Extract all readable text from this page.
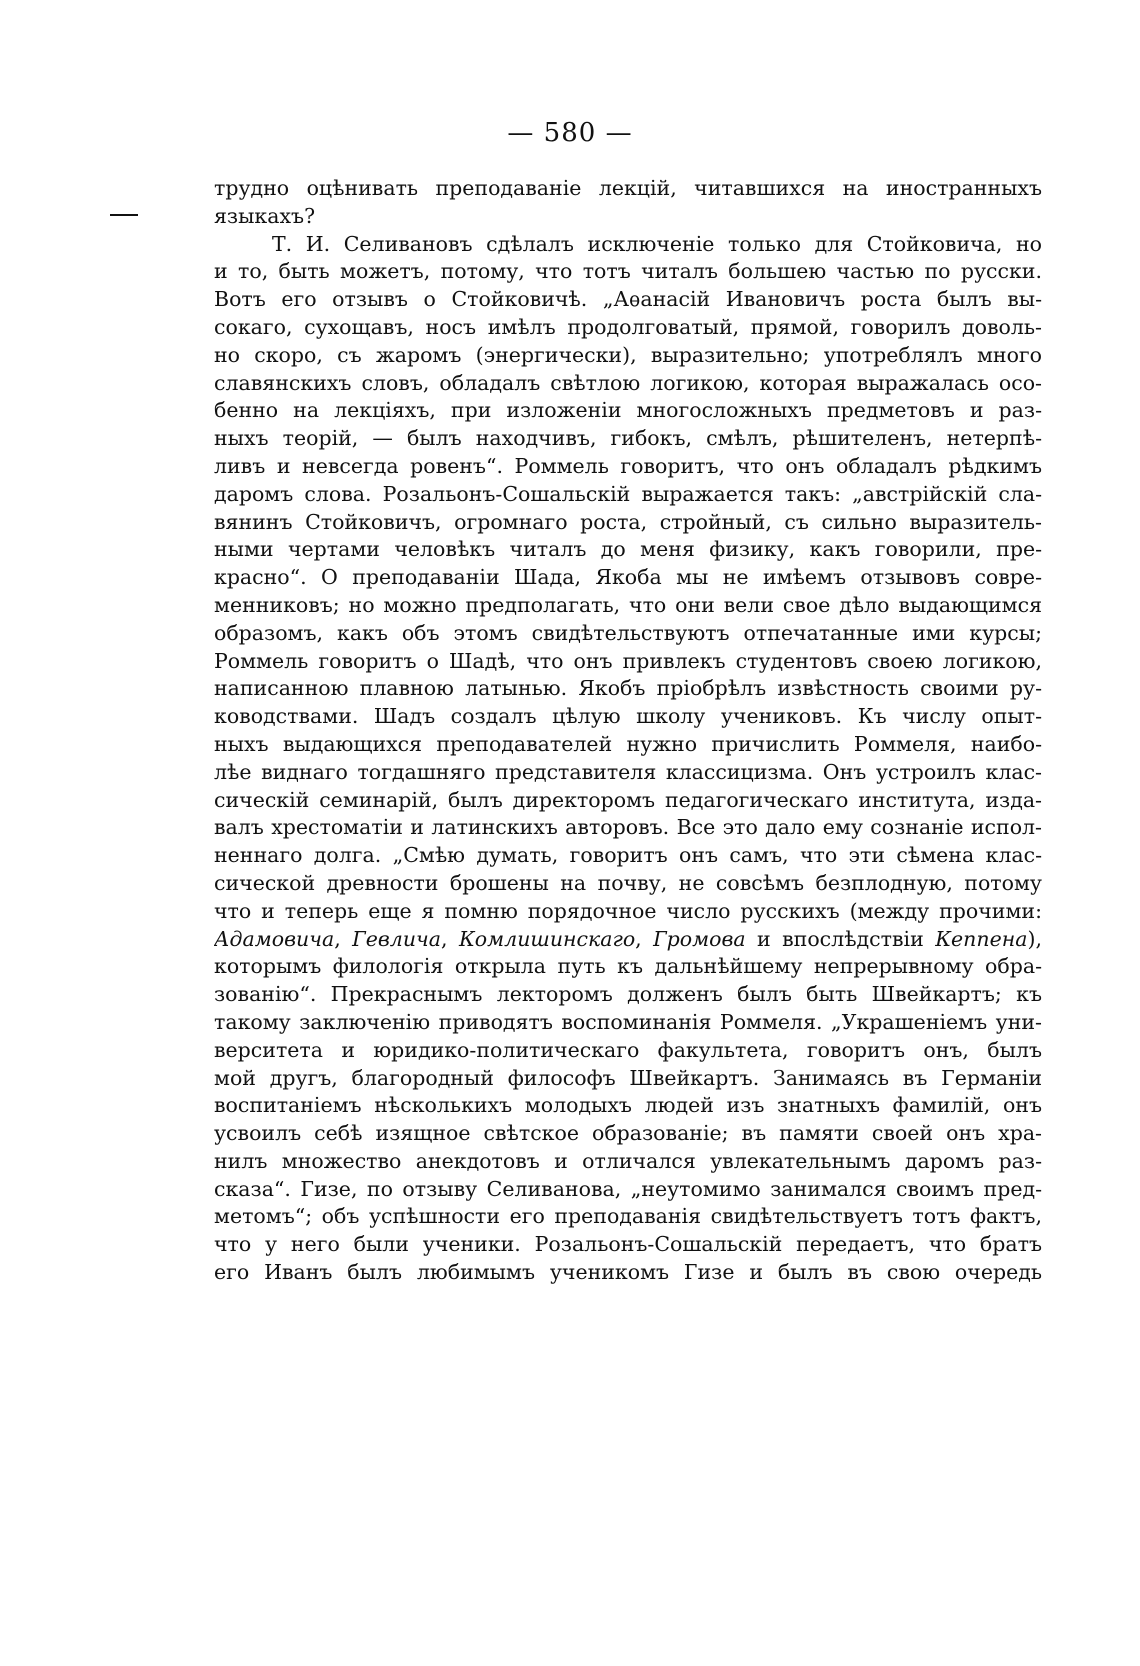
— 580 —
трудно оцѣнивать преподаваніе лекцій, читавшихся на иностранныхъ
языкахъ?
Т. И. Селивановъ сдѣлалъ исключеніе только для Стойковича, но
и то, быть можетъ, потому, что тотъ читалъ большею частью по русски.
Вотъ его отзывъ о Стойковичѣ. „Аѳанасій Ивановичъ роста былъ вы-
сокаго, сухощавъ, носъ имѣлъ продолговатый, прямой, говорилъ доволь-
но скоро, съ жаромъ (энергически), выразительно; употреблялъ много
славянскихъ словъ, обладалъ свѣтлою логикою, которая выражалась осо-
бенно на лекціяхъ, при изложеніи многосложныхъ предметовъ и раз-
ныхъ теорій, — былъ находчивъ, гибокъ, смѣлъ, рѣшителенъ, нетерпѣ-
ливъ и невсегда ровенъ“. Роммель говоритъ, что онъ обладалъ рѣдкимъ
даромъ слова. Розальонъ-Сошальскій выражается такъ: „австрійскій сла-
вянинъ Стойковичъ, огромнаго роста, стройный, съ сильно выразитель-
ными чертами человѣкъ читалъ до меня физику, какъ говорили, пре-
красно“. О преподаваніи Шада, Якоба мы не имѣемъ отзывовъ совре-
менниковъ; но можно предполагать, что они вели свое дѣло выдающимся
образомъ, какъ объ этомъ свидѣтельствуютъ отпечатанные ими курсы;
Роммель говоритъ о Шадѣ, что онъ привлекъ студентовъ своею логикою,
написанною плавною латынью. Якобъ пріобрѣлъ извѣстность своими ру-
ководствами. Шадъ создалъ цѣлую школу учениковъ. Къ числу опыт-
ныхъ выдающихся преподавателей нужно причислить Роммеля, наибо-
лѣе виднаго тогдашняго представителя классицизма. Онъ устроилъ клас-
сическій семинарій, былъ директоромъ педагогическаго института, изда-
валъ хрестоматіи и латинскихъ авторовъ. Все это дало ему сознаніе испол-
неннаго долга. „Смѣю думать, говоритъ онъ самъ, что эти сѣмена клас-
сической древности брошены на почву, не совсѣмъ безплодную, потому
что и теперь еще я помню порядочное число русскихъ (между прочими:
Адамовича, Гевлича, Комлишинскаго, Громова и впослѣдствіи Кеппена),
которымъ филологія открыла путь къ дальнѣйшему непрерывному обра-
зованію“. Прекраснымъ лекторомъ долженъ былъ быть Швейкартъ; къ
такому заключенію приводятъ воспоминанія Роммеля. „Украшеніемъ уни-
верситета и юридико-политическаго факультета, говоритъ онъ, былъ
мой другъ, благородный философъ Швейкартъ. Занимаясь въ Германіи
воспитаніемъ нѣсколькихъ молодыхъ людей изъ знатныхъ фамилій, онъ
усвоилъ себѣ изящное свѣтское образованіе; въ памяти своей онъ хра-
нилъ множество анекдотовъ и отличался увлекательнымъ даромъ раз-
сказа“. Гизе, по отзыву Селиванова, „неутомимо занимался своимъ пред-
метомъ“; объ успѣшности его преподаванія свидѣтельствуетъ тотъ фактъ,
что у него были ученики. Розальонъ-Сошальскій передаетъ, что братъ
его Иванъ былъ любимымъ ученикомъ Гизе и былъ въ свою очередь
